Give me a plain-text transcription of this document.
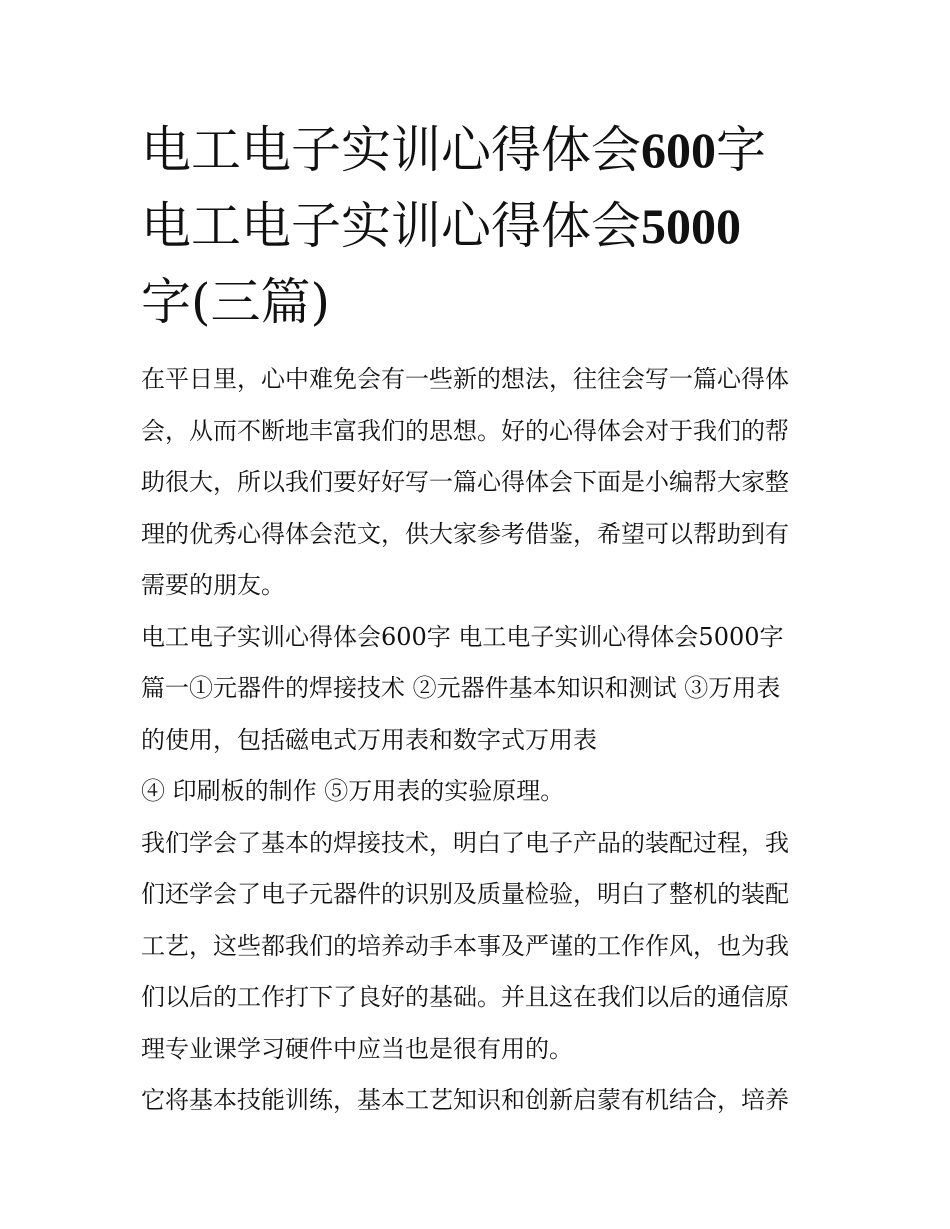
电工电子实训心得体会600字
电工电子实训心得体会5000
字(三篇)
在平日里，心中难免会有一些新的想法，往往会写一篇心得体
会，从而不断地丰富我们的思想。好的心得体会对于我们的帮
助很大，所以我们要好好写一篇心得体会下面是小编帮大家整
理的优秀心得体会范文，供大家参考借鉴，希望可以帮助到有
需要的朋友。
电工电子实训心得体会600字 电工电子实训心得体会5000字
篇一①元器件的焊接技术 ②元器件基本知识和测试 ③万用表
的使用，包括磁电式万用表和数字式万用表
④ 印刷板的制作 ⑤万用表的实验原理。
我们学会了基本的焊接技术，明白了电子产品的装配过程，我
们还学会了电子元器件的识别及质量检验，明白了整机的装配
工艺，这些都我们的培养动手本事及严谨的工作作风，也为我
们以后的工作打下了良好的基础。并且这在我们以后的通信原
理专业课学习硬件中应当也是很有用的。
它将基本技能训练，基本工艺知识和创新启蒙有机结合，培养
